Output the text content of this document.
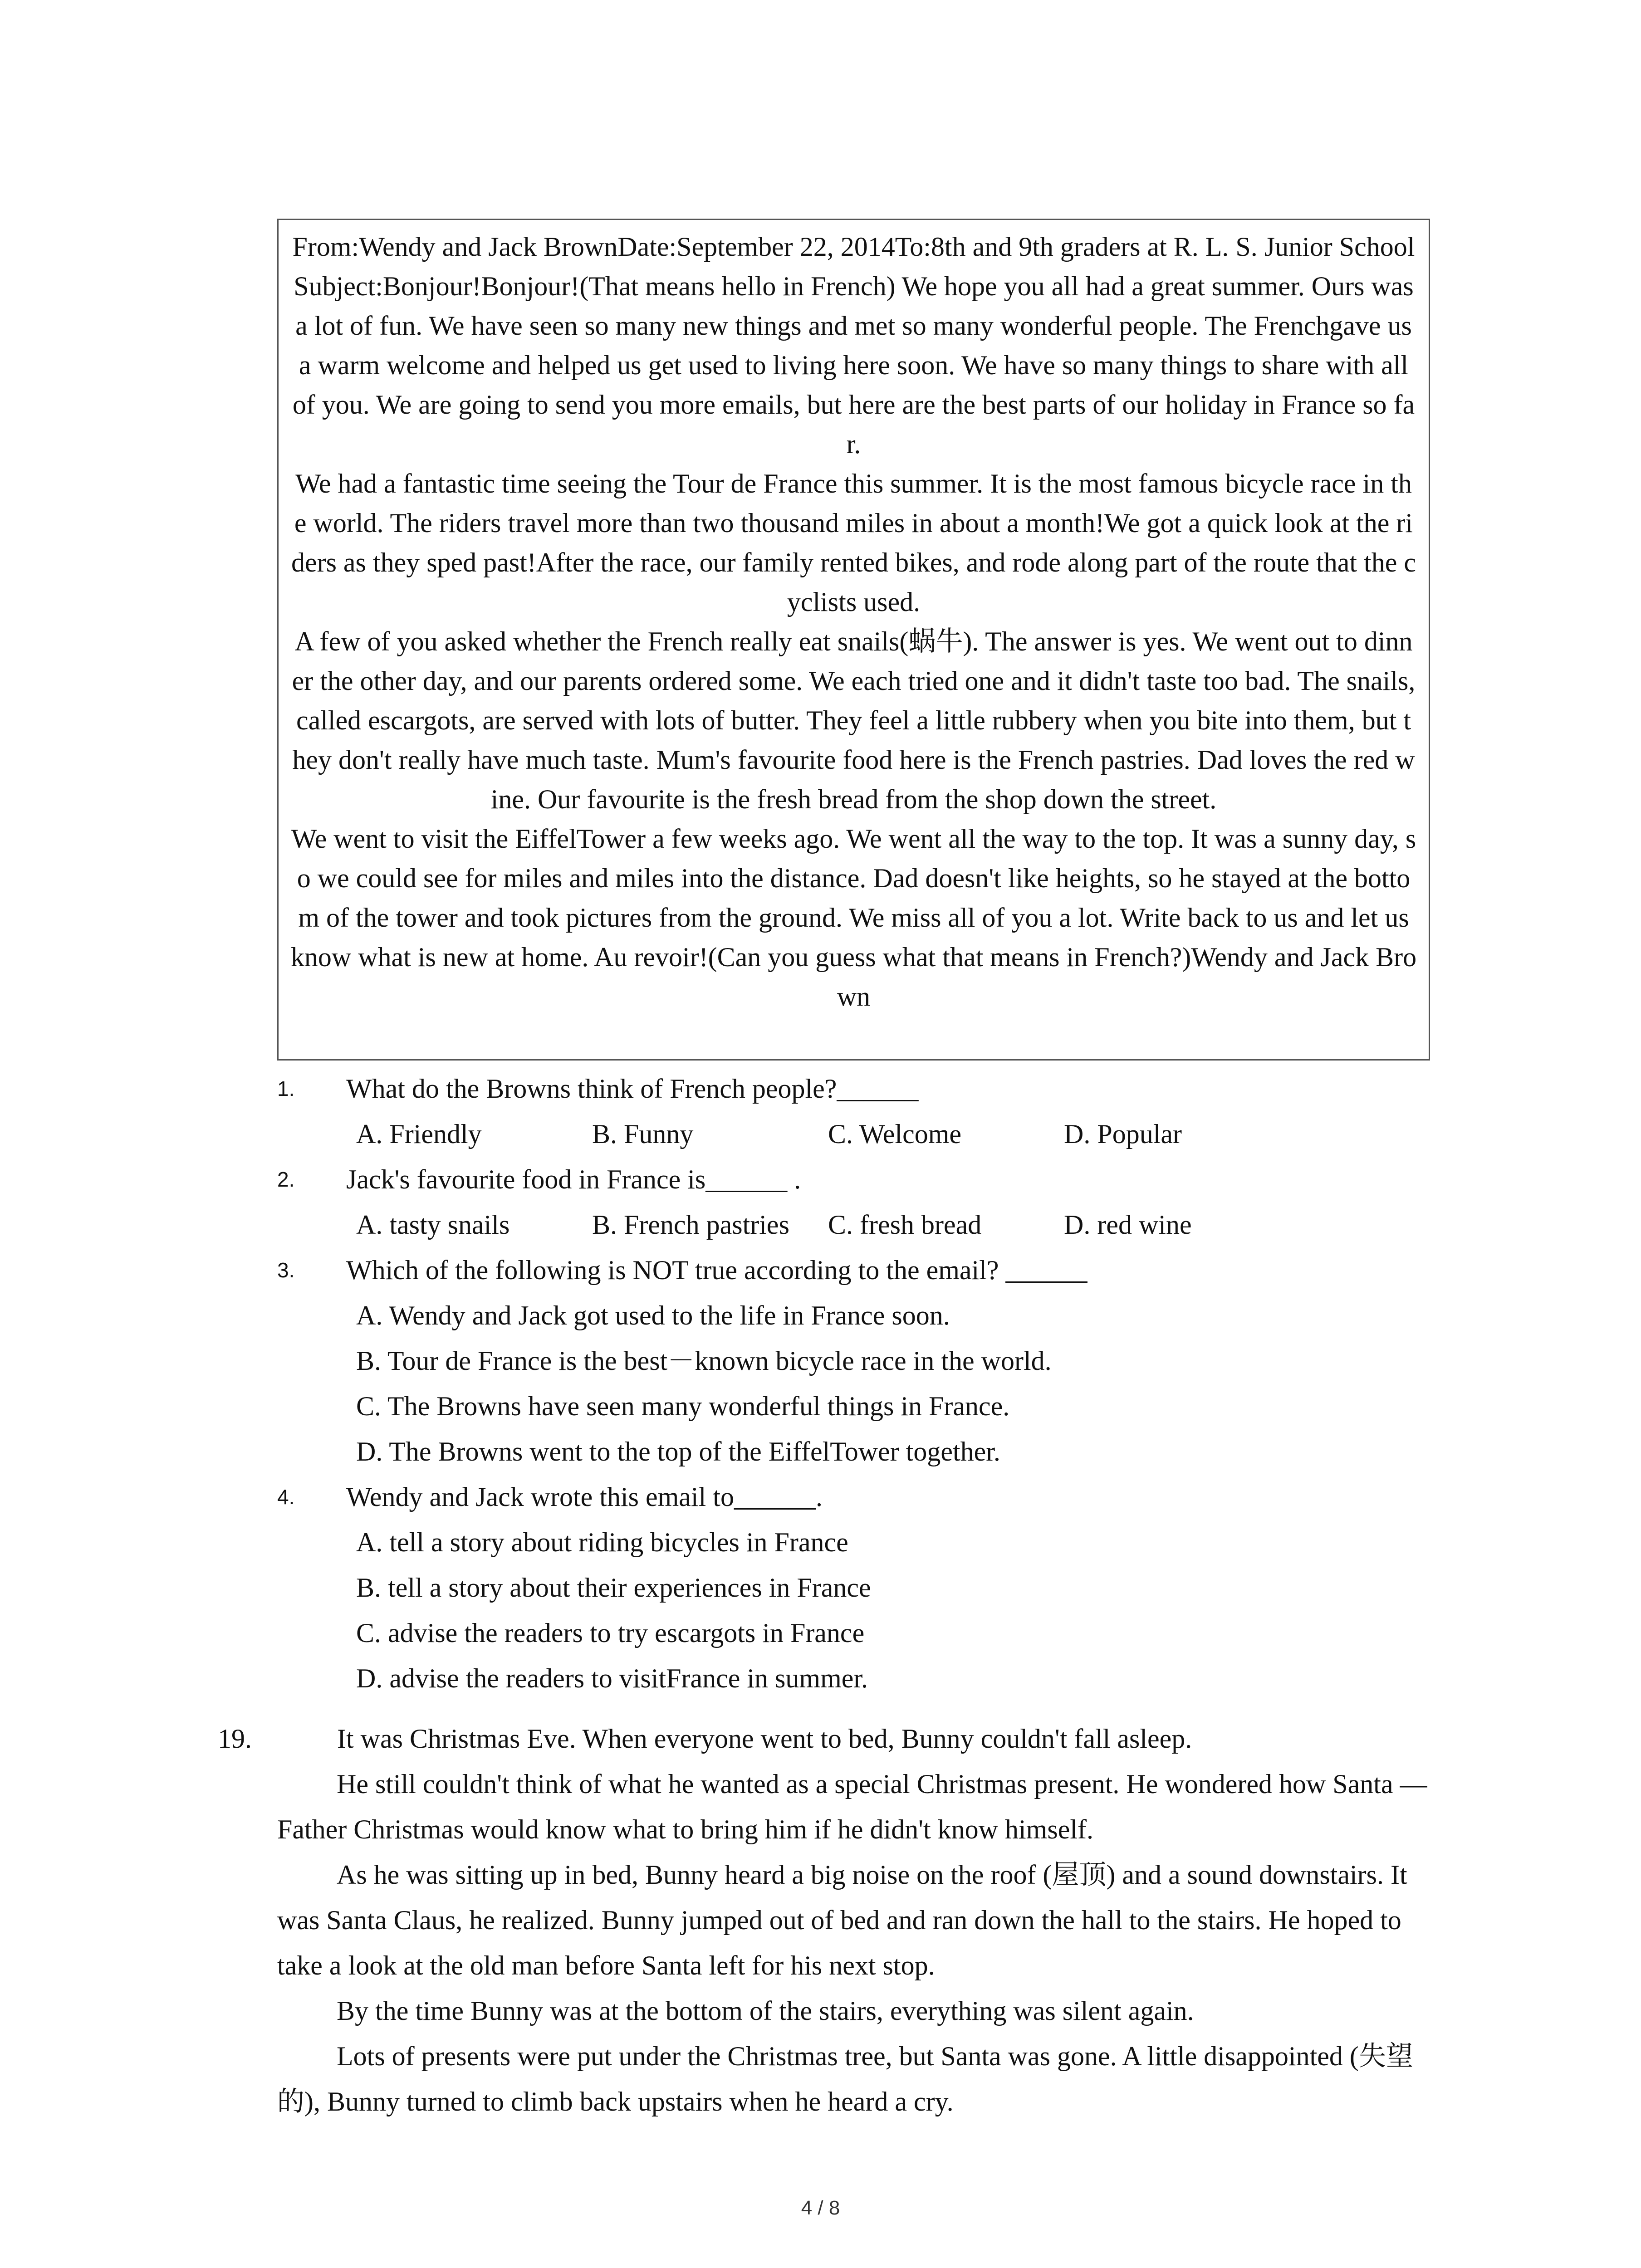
From:Wendy and Jack BrownDate:September 22, 2014To:8th and 9th graders at R. L. S. Junior SchoolSubject:Bonjour!Bonjour!(That means hello in French) We hope you all had a great summer. Ours was a lot of fun. We have seen so many new things and met so many wonderful people. The Frenchgave us a warm welcome and helped us get used to living here soon. We have so many things to share with all of you. We are going to send you more emails, but here are the best parts of our holiday in France so far.

We had a fantastic time seeing the Tour de France this summer. It is the most famous bicycle race in the world. The riders travel more than two thousand miles in about a month!We got a quick look at the riders as they sped past!After the race, our family rented bikes, and rode along part of the route that the cyclists used.

A few of you asked whether the French really eat snails(蜗牛). The answer is yes. We went out to dinner the other day, and our parents ordered some. We each tried one and it didn't taste too bad. The snails, called escargots, are served with lots of butter. They feel a little rubbery when you bite into them, but they don't really have much taste. Mum's favourite food here is the French pastries. Dad loves the red wine. Our favourite is the fresh bread from the shop down the street.

We went to visit the EiffelTower a few weeks ago. We went all the way to the top. It was a sunny day, so we could see for miles and miles into the distance. Dad doesn't like heights, so he stayed at the bottom of the tower and took pictures from the ground. We miss all of you a lot. Write back to us and let us know what is new at home. Au revoir!(Can you guess what that means in French?)Wendy and Jack Brown

1. What do the Browns think of French people?______
A. Friendly	B. Funny	C. Welcome	D. Popular
2. Jack's favourite food in France is______ .
A. tasty snails	B. French pastries C. fresh bread	D. red wine
3. Which of the following is NOT true according to the email? ______
A. Wendy and Jack got used to the life in France soon.
B. Tour de France is the best－known bicycle race in the world.
C. The Browns have seen many wonderful things in France.
D. The Browns went to the top of the EiffelTower together.
4. Wendy and Jack wrote this email to______.
A. tell a story about riding bicycles in France
B. tell a story about their experiences in France
C. advise the readers to try escargots in France
D. advise the readers to visitFrance in summer.
19.	It was Christmas Eve. When everyone went to bed, Bunny couldn't fall asleep.

He still couldn't think of what he wanted as a special Christmas present. He wondered how Santa — Father Christmas would know what to bring him if he didn't know himself.

As he was sitting up in bed, Bunny heard a big noise on the roof (屋顶) and a sound downstairs. It was Santa Claus, he realized. Bunny jumped out of bed and ran down the hall to the stairs. He hoped to take a look at the old man before Santa left for his next stop.

By the time Bunny was at the bottom of the stairs, everything was silent again.

Lots of presents were put under the Christmas tree, but Santa was gone. A little disappointed (失望的), Bunny turned to climb back upstairs when he heard a cry.

4 / 8
